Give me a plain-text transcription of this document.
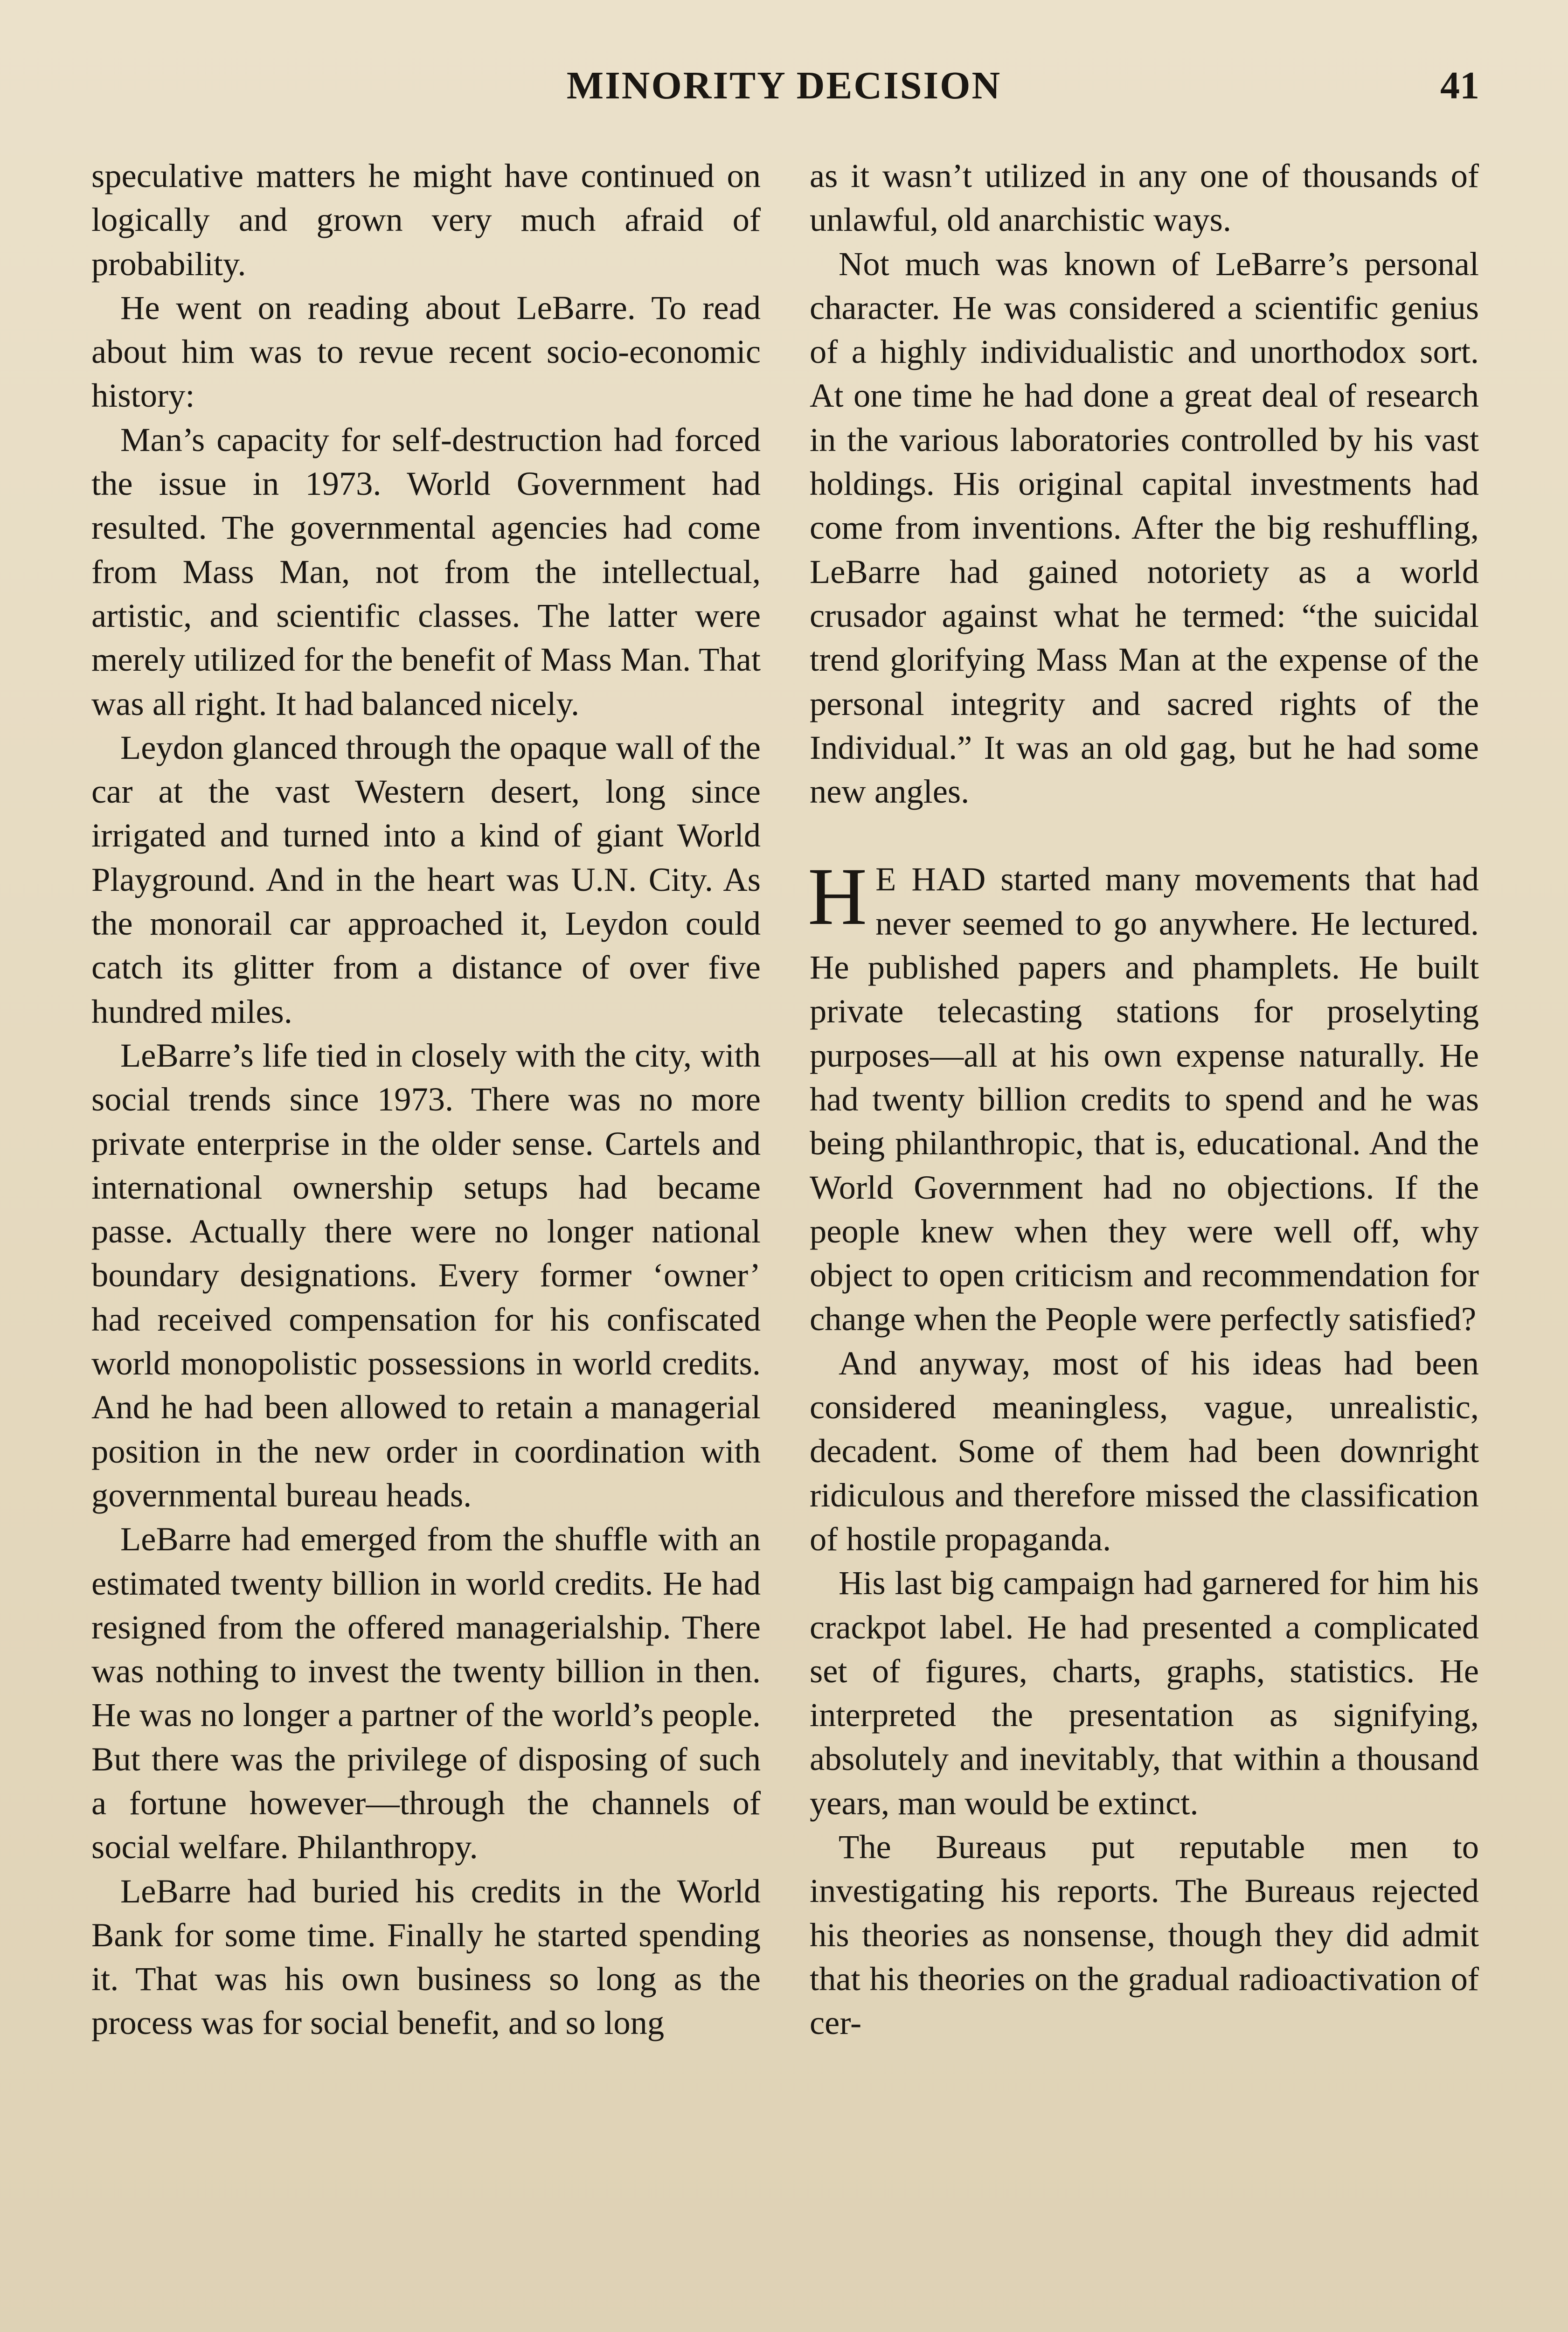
MINORITY DECISION	41

speculative matters he might have continued on logically and grown very much afraid of probability.

He went on reading about LeBarre. To read about him was to revue recent socio-economic history:

Man’s capacity for self-destruction had forced the issue in 1973. World Government had resulted. The governmental agencies had come from Mass Man, not from the intellectual, artistic, and scientific classes. The latter were merely utilized for the benefit of Mass Man. That was all right. It had balanced nicely.

Leydon glanced through the opaque wall of the car at the vast Western desert, long since irrigated and turned into a kind of giant World Playground. And in the heart was U.N. City. As the monorail car approached it, Leydon could catch its glitter from a distance of over five hundred miles.

LeBarre’s life tied in closely with the city, with social trends since 1973. There was no more private enterprise in the older sense. Cartels and international ownership setups had became passe. Actually there were no longer national boundary designations. Every former ‘owner’ had received compensation for his confiscated world monopolistic possessions in world credits. And he had been allowed to retain a managerial position in the new order in coordination with governmental bureau heads.

LeBarre had emerged from the shuffle with an estimated twenty billion in world credits. He had resigned from the offered managerialship. There was nothing to invest the twenty billion in then. He was no longer a partner of the world’s people. But there was the privilege of disposing of such a fortune however—through the channels of social welfare. Philanthropy.

LeBarre had buried his credits in the World Bank for some time. Finally he started spending it. That was his own business so long as the process was for social benefit, and so long

as it wasn’t utilized in any one of thousands of unlawful, old anarchistic ways.

Not much was known of LeBarre’s personal character. He was considered a scientific genius of a highly individualistic and unorthodox sort. At one time he had done a great deal of research in the various laboratories controlled by his vast holdings. His original capital investments had come from inventions. After the big reshuffling, LeBarre had gained notoriety as a world crusador against what he termed: “the suicidal trend glorifying Mass Man at the expense of the personal integrity and sacred rights of the Individual.” It was an old gag, but he had some new angles.

H E HAD started many movements that had never seemed to go anywhere. He lectured. He published papers and phamplets. He built private telecasting stations for proselyting purposes—all at his own expense naturally. He had twenty billion credits to spend and he was being philanthropic, that is, educational. And the World Government had no objections. If the people knew when they were well off, why object to open criticism and recommendation for change when the People were perfectly satisfied?

And anyway, most of his ideas had been considered meaningless, vague, unrealistic, decadent. Some of them had been downright ridiculous and therefore missed the classification of hostile propaganda.

His last big campaign had garnered for him his crackpot label. He had presented a complicated set of figures, charts, graphs, statistics. He interpreted the presentation as signifying, absolutely and inevitably, that within a thousand years, man would be extinct.

The Bureaus put reputable men to investigating his reports. The Bureaus rejected his theories as nonsense, though they did admit that his theories on the gradual radioactivation of cer-
